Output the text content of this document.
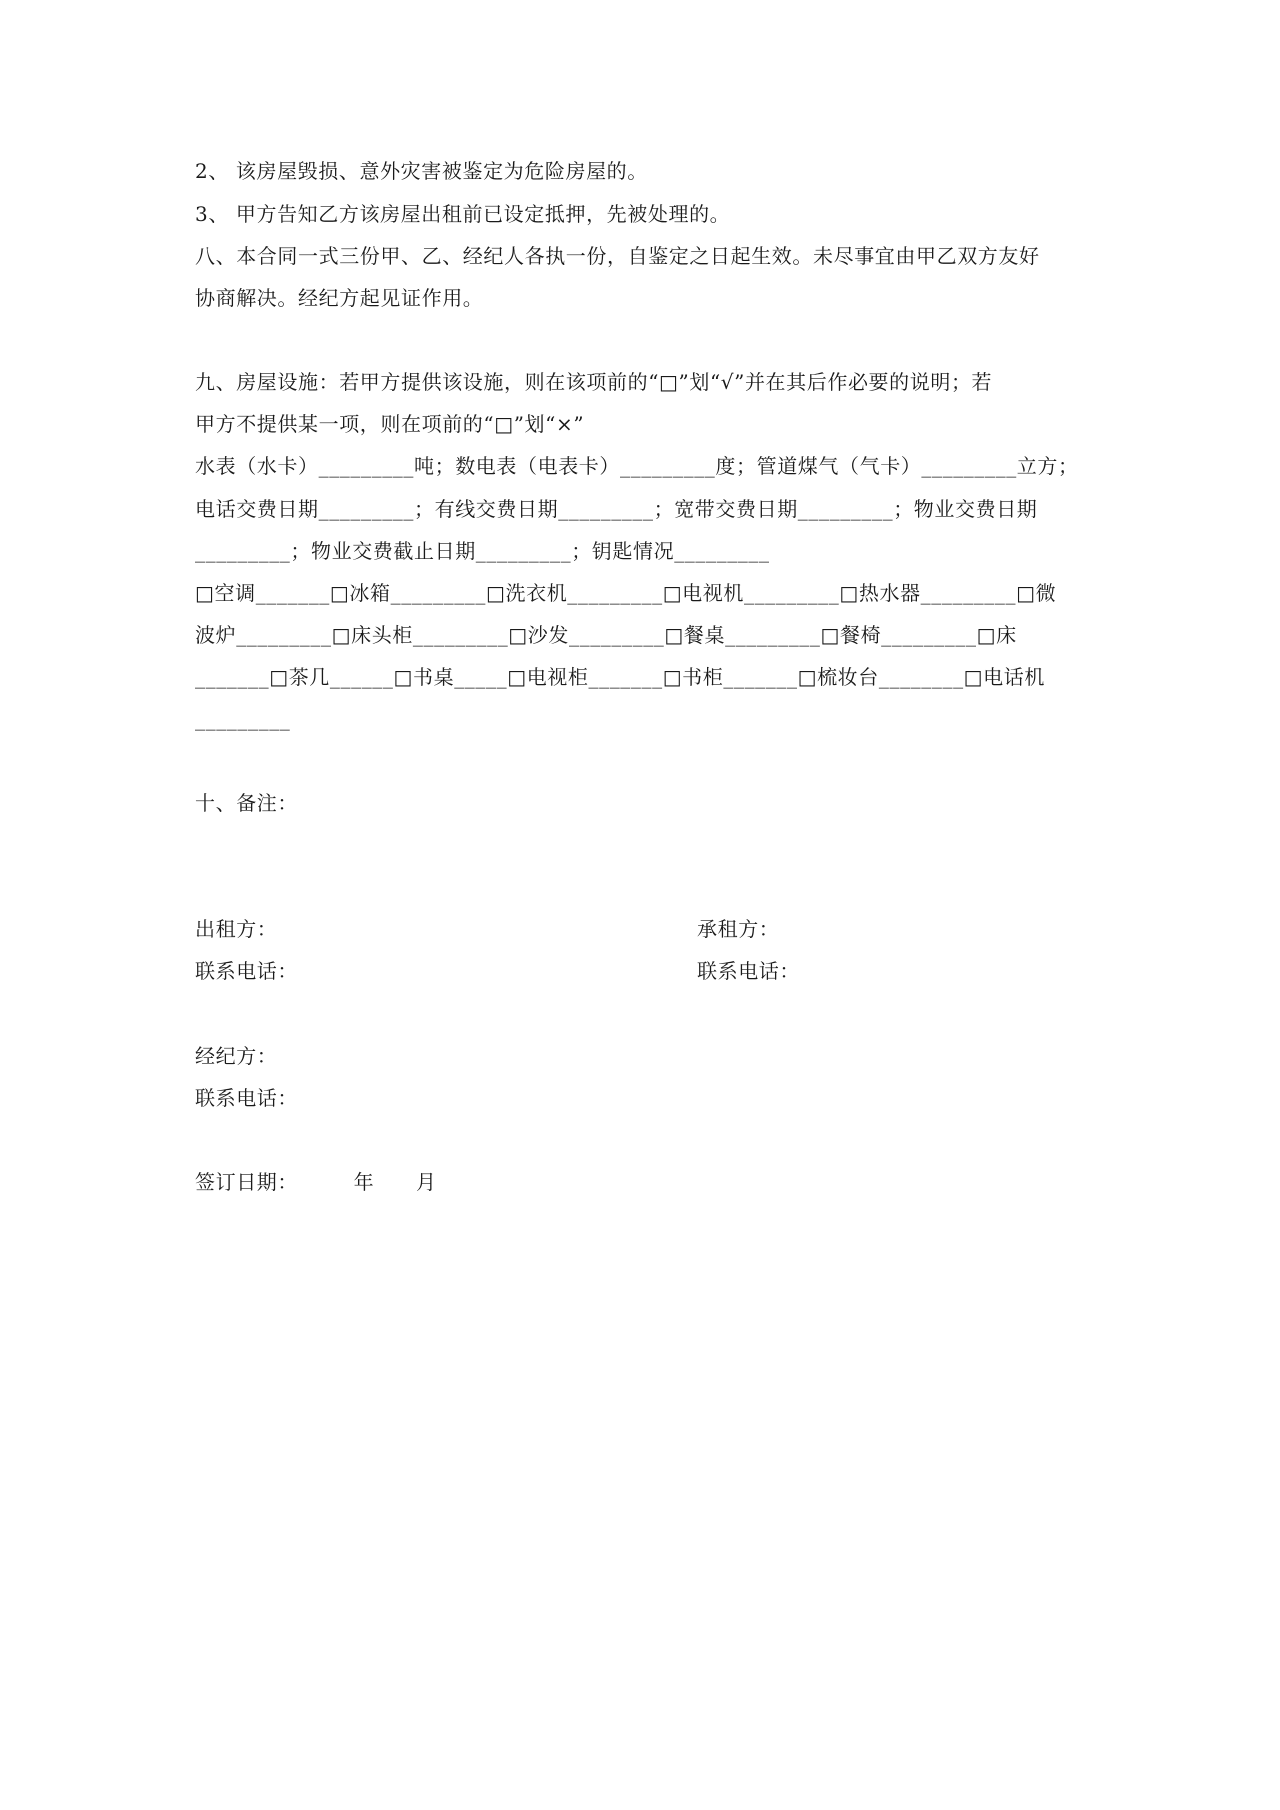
2、 该房屋毁损、意外灾害被鉴定为危险房屋的。
3、 甲方告知乙方该房屋出租前已设定抵押，先被处理的。
八、本合同一式三份甲、乙、经纪人各执一份，自鉴定之日起生效。未尽事宜由甲乙双方友好
协商解决。经纪方起见证作用。
九、房屋设施：若甲方提供该设施，则在该项前的“□”划“√”并在其后作必要的说明；若
甲方不提供某一项，则在项前的“□”划“×”
水表（水卡）_________吨；数电表（电表卡）_________度；管道煤气（气卡）_________立方；
电话交费日期_________；有线交费日期_________；宽带交费日期_________；物业交费日期
_________；物业交费截止日期_________；钥匙情况_________
□空调_______□冰箱_________□洗衣机_________□电视机_________□热水器_________□微
波炉_________□床头柜_________□沙发_________□餐桌_________□餐椅_________□床
_______□茶几______□书桌_____□电视柜_______□书柜_______□梳妆台________□电话机
_________
十、备注：
出租方：	承租方：
联系电话：	联系电话：
经纪方：
联系电话：
签订日期：        年      月
